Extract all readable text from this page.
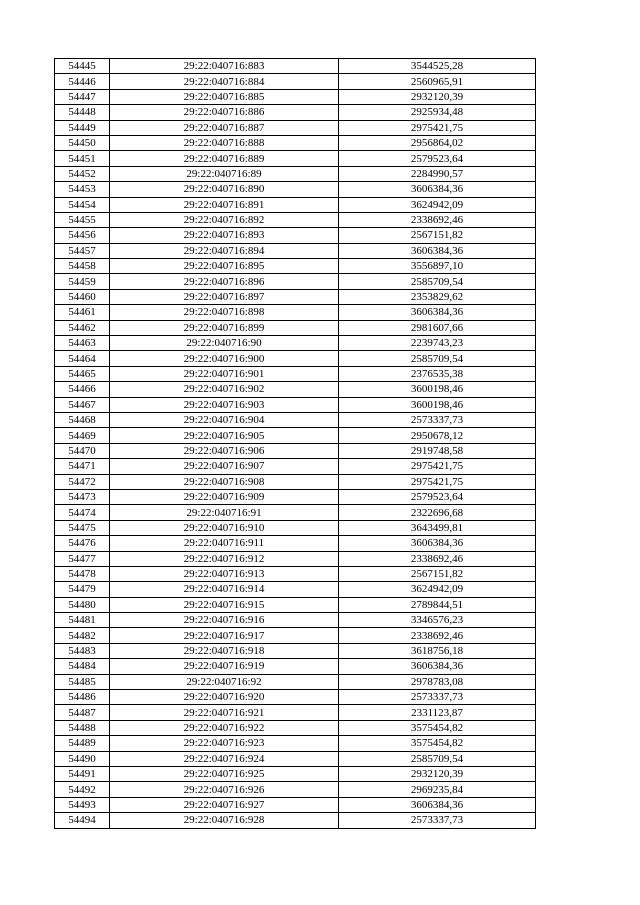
54445	29:22:040716:883	3544525,28
54446	29:22:040716:884	2560965,91
54447	29:22:040716:885	2932120,39
54448	29:22:040716:886	2925934,48
54449	29:22:040716:887	2975421,75
54450	29:22:040716:888	2956864,02
54451	29:22:040716:889	2579523,64
54452	29:22:040716:89	2284990,57
54453	29:22:040716:890	3606384,36
54454	29:22:040716:891	3624942,09
54455	29:22:040716:892	2338692,46
54456	29:22:040716:893	2567151,82
54457	29:22:040716:894	3606384,36
54458	29:22:040716:895	3556897,10
54459	29:22:040716:896	2585709,54
54460	29:22:040716:897	2353829,62
54461	29:22:040716:898	3606384,36
54462	29:22:040716:899	2981607,66
54463	29:22:040716:90	2239743,23
54464	29:22:040716:900	2585709,54
54465	29:22:040716:901	2376535,38
54466	29:22:040716:902	3600198,46
54467	29:22:040716:903	3600198,46
54468	29:22:040716:904	2573337,73
54469	29:22:040716:905	2950678,12
54470	29:22:040716:906	2919748,58
54471	29:22:040716:907	2975421,75
54472	29:22:040716:908	2975421,75
54473	29:22:040716:909	2579523,64
54474	29:22:040716:91	2322696,68
54475	29:22:040716:910	3643499,81
54476	29:22:040716:911	3606384,36
54477	29:22:040716:912	2338692,46
54478	29:22:040716:913	2567151,82
54479	29:22:040716:914	3624942,09
54480	29:22:040716:915	2789844,51
54481	29:22:040716:916	3346576,23
54482	29:22:040716:917	2338692,46
54483	29:22:040716:918	3618756,18
54484	29:22:040716:919	3606384,36
54485	29:22:040716:92	2978783,08
54486	29:22:040716:920	2573337,73
54487	29:22:040716:921	2331123,87
54488	29:22:040716:922	3575454,82
54489	29:22:040716:923	3575454,82
54490	29:22:040716:924	2585709,54
54491	29:22:040716:925	2932120,39
54492	29:22:040716:926	2969235,84
54493	29:22:040716:927	3606384,36
54494	29:22:040716:928	2573337,73
